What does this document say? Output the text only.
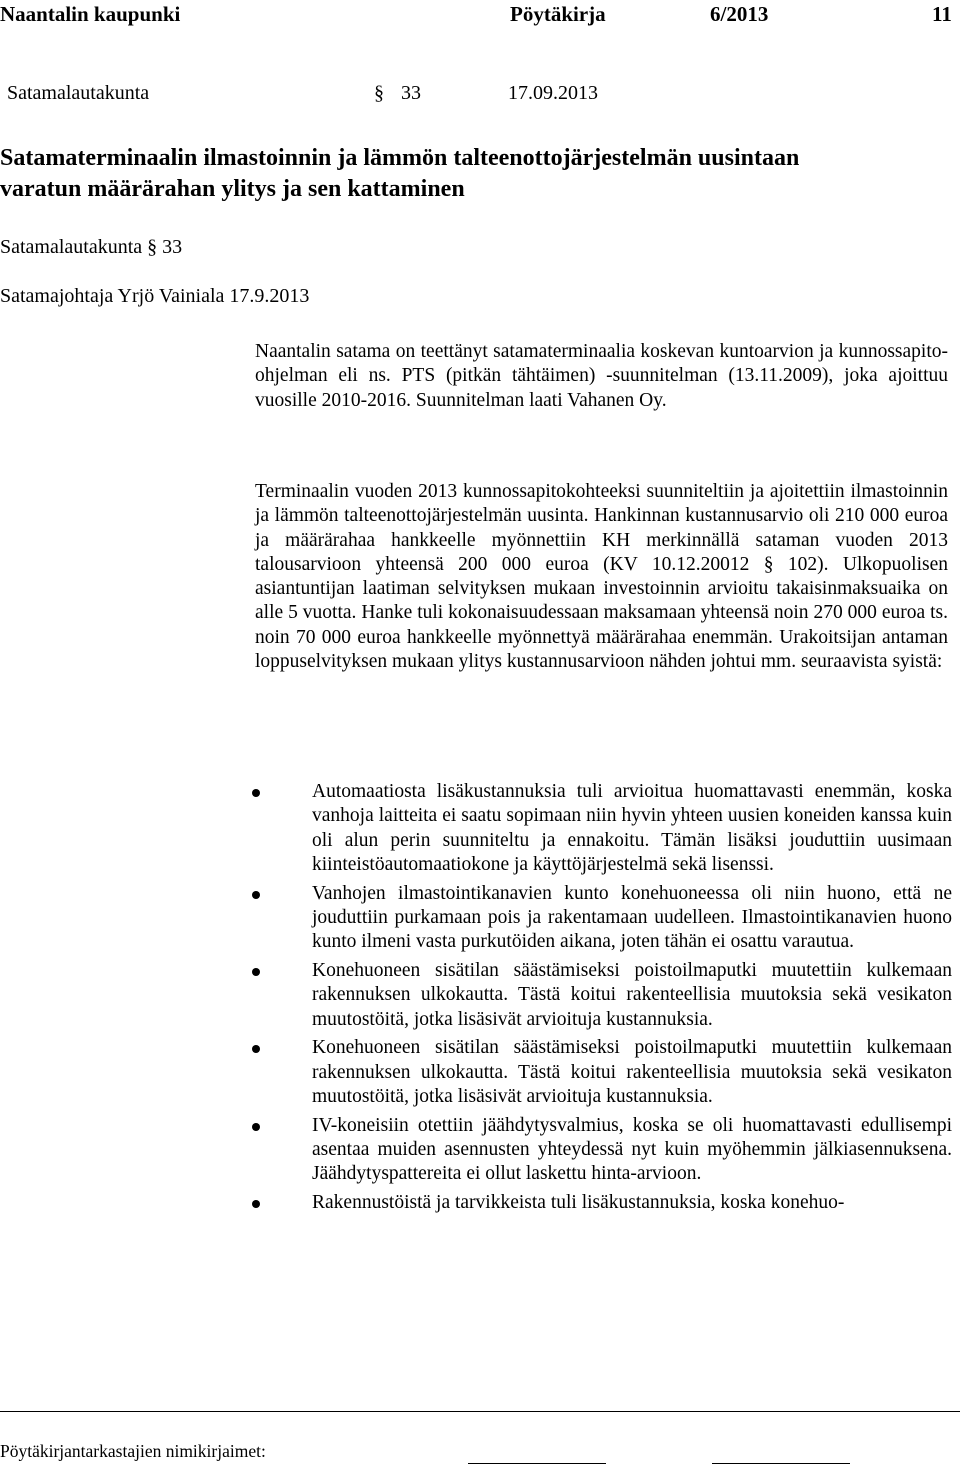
Naantalin kaupunki	Pöytäkirja	6/2013	11
Satamalautakunta	§ 33	17.09.2013
Satamaterminaalin ilmastoinnin ja lämmön talteenottojärjestelmän uusintaan
varatun määrärahan ylitys ja sen kattaminen
Satamalautakunta § 33
Satamajohtaja Yrjö Vainiala 17.9.2013

Naantalin satama on teettänyt satamaterminaalia koskevan kuntoarvion ja kunnossapito-ohjelman eli ns. PTS (pitkän tähtäimen) -suunnitelman (13.11.2009), joka ajoittuu vuosille 2010-2016. Suunnitelman laati Vahanen Oy.

Terminaalin vuoden 2013 kunnossapitokohteeksi suunniteltiin ja ajoitettiin ilmastoinnin ja lämmön talteenottojärjestelmän uusinta. Hankinnan kustannusarvio oli 210 000 euroa ja määrärahaa hankkeelle myönnettiin KH merkinnällä sataman vuoden 2013 talousarvioon yhteensä 200 000 euroa (KV 10.12.20012 § 102). Ulkopuolisen asiantuntijan laatiman selvityksen mukaan investoinnin arvioitu takaisinmaksuaika on alle 5 vuotta. Hanke tuli kokonaisuudessaan maksamaan yhteensä noin 270 000 euroa ts. noin 70 000 euroa hankkeelle myönnettyä määrärahaa enemmän. Urakoitsijan antaman loppuselvityksen mukaan ylitys kustannusarvioon nähden johtui mm. seuraavista syistä:

Automaatiosta lisäkustannuksia tuli arvioitua huomattavasti enemmän, koska vanhoja laitteita ei saatu sopimaan niin hyvin yhteen uusien koneiden kanssa kuin oli alun perin suunniteltu ja ennakoitu. Tämän lisäksi jouduttiin uusimaan kiinteistöautomaatiokone ja käyttöjärjestelmä sekä lisenssi.
Vanhojen ilmastointikanavien kunto konehuoneessa oli niin huono, että ne jouduttiin purkamaan pois ja rakentamaan uudelleen. Ilmastointikanavien huono kunto ilmeni vasta purkutöiden aikana, joten tähän ei osattu varautua.
Konehuoneen sisätilan säästämiseksi poistoilmaputki muutettiin kulkemaan rakennuksen ulkokautta. Tästä koitui rakenteellisia muutoksia sekä vesikaton muutostöitä, jotka lisäsivät arvioituja kustannuksia.
Konehuoneen sisätilan säästämiseksi poistoilmaputki muutettiin kulkemaan rakennuksen ulkokautta. Tästä koitui rakenteellisia muutoksia sekä vesikaton muutostöitä, jotka lisäsivät arvioituja kustannuksia.
IV-koneisiin otettiin jäähdytysvalmius, koska se oli huomattavasti edullisempi asentaa muiden asennusten yhteydessä nyt kuin myöhemmin jälkiasennuksena. Jäähdytyspattereita ei ollut laskettu hinta-arvioon.
Rakennustöistä ja tarvikkeista tuli lisäkustannuksia, koska konehuo-
Pöytäkirjantarkastajien nimikirjaimet:
